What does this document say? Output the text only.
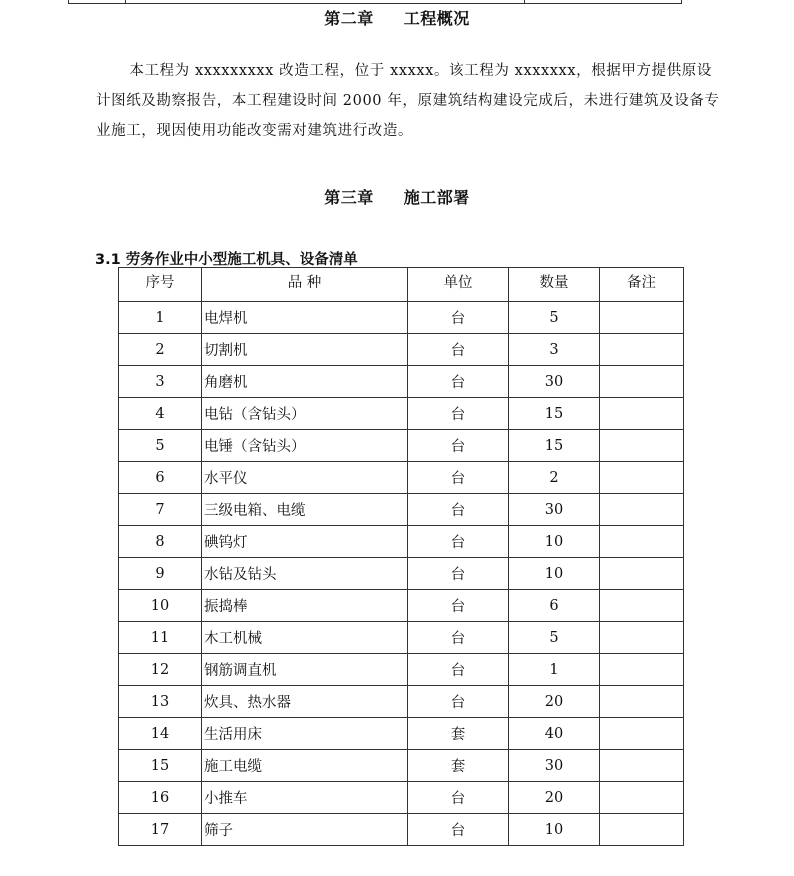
第二章 工程概况

本工程为 xxxxxxxxx 改造工程，位于 xxxxx。该工程为 xxxxxxx，根据甲方提供原设计图纸及勘察报告，本工程建设时间 2000 年，原建筑结构建设完成后，未进行建筑及设备专业施工，现因使用功能改变需对建筑进行改造。

第三章 施工部署
3.1 劳务作业中小型施工机具、设备清单
序号	品 种	单位	数量	备注
1	电焊机	台	5	
2	切割机	台	3	
3	角磨机	台	30	
4	电钻（含钻头）	台	15	
5	电锤（含钻头）	台	15	
6	水平仪	台	2	
7	三级电箱、电缆	台	30	
8	碘钨灯	台	10	
9	水钻及钻头	台	10	
10	振捣棒	台	6	
11	木工机械	台	5	
12	钢筋调直机	台	1	
13	炊具、热水器	台	20	
14	生活用床	套	40	
15	施工电缆	套	30	
16	小推车	台	20	
17	筛子	台	10	
